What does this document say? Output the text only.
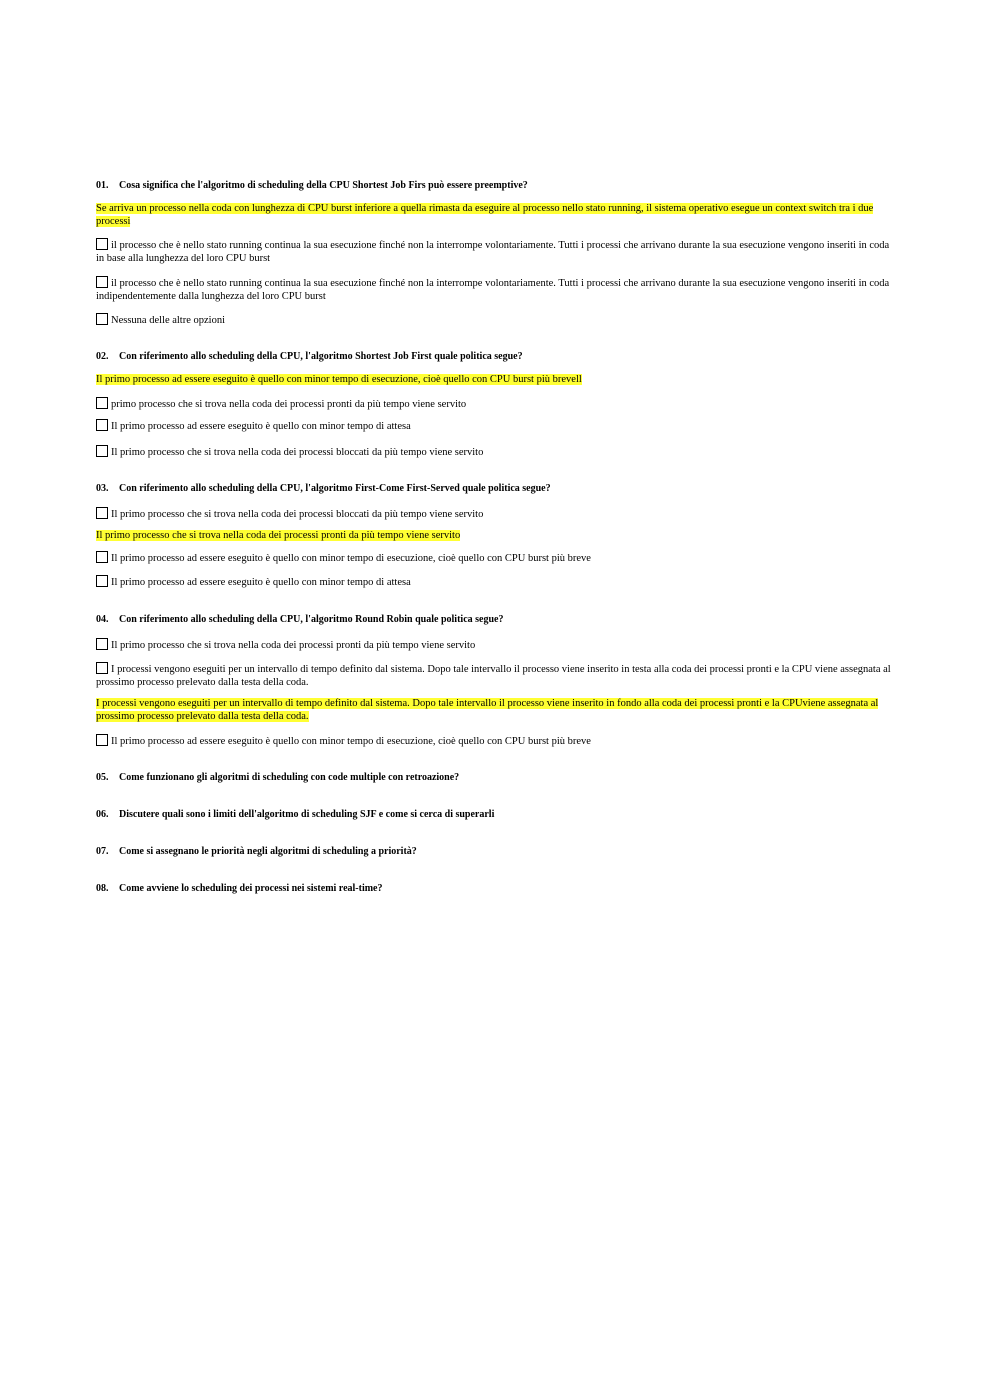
01. Cosa significa che l'algoritmo di scheduling della CPU Shortest Job Firs può essere preemptive?
Se arriva un processo nella coda con lunghezza di CPU burst inferiore a quella rimasta da eseguire al processo nello stato running, il sistema operativo esegue un context switch tra i due processi
il processo che è nello stato running continua la sua esecuzione finché non la interrompe volontariamente. Tutti i processi che arrivano durante la sua esecuzione vengono inseriti in coda in base alla lunghezza del loro CPU burst
il processo che è nello stato running continua la sua esecuzione finché non la interrompe volontariamente. Tutti i processi che arrivano durante la sua esecuzione vengono inseriti in coda indipendentemente dalla lunghezza del loro CPU burst
Nessuna delle altre opzioni
02. Con riferimento allo scheduling della CPU, l'algoritmo Shortest Job First quale politica segue?
Il primo processo ad essere eseguito è quello con minor tempo di esecuzione, cioè quello con CPU burst più brevell
primo processo che si trova nella coda dei processi pronti da più tempo viene servito
Il primo processo ad essere eseguito è quello con minor tempo di attesa
Il primo processo che si trova nella coda dei processi bloccati da più tempo viene servito
03. Con riferimento allo scheduling della CPU, l'algoritmo First-Come First-Served quale politica segue?
Il primo processo che si trova nella coda dei processi bloccati da più tempo viene servito
Il primo processo che si trova nella coda dei processi pronti da più tempo viene servito
Il primo processo ad essere eseguito è quello con minor tempo di esecuzione, cioè quello con CPU burst più breve
Il primo processo ad essere eseguito è quello con minor tempo di attesa
04. Con riferimento allo scheduling della CPU, l'algoritmo Round Robin quale politica segue?
Il primo processo che si trova nella coda dei processi pronti da più tempo viene servito
I processi vengono eseguiti per un intervallo di tempo definito dal sistema. Dopo tale intervallo il processo viene inserito in testa alla coda dei processi pronti e la CPU viene assegnata al prossimo processo prelevato dalla testa della coda.
I processi vengono eseguiti per un intervallo di tempo definito dal sistema. Dopo tale intervallo il processo viene inserito in fondo alla coda dei processi pronti e la CPUviene assegnata al prossimo processo prelevato dalla testa della coda.
Il primo processo ad essere eseguito è quello con minor tempo di esecuzione, cioè quello con CPU burst più breve
05. Come funzionano gli algoritmi di scheduling con code multiple con retroazione?
06. Discutere quali sono i limiti dell'algoritmo di scheduling SJF e come si cerca di superarli
07. Come si assegnano le priorità negli algoritmi di scheduling a priorità?
08. Come avviene lo scheduling dei processi nei sistemi real-time?
